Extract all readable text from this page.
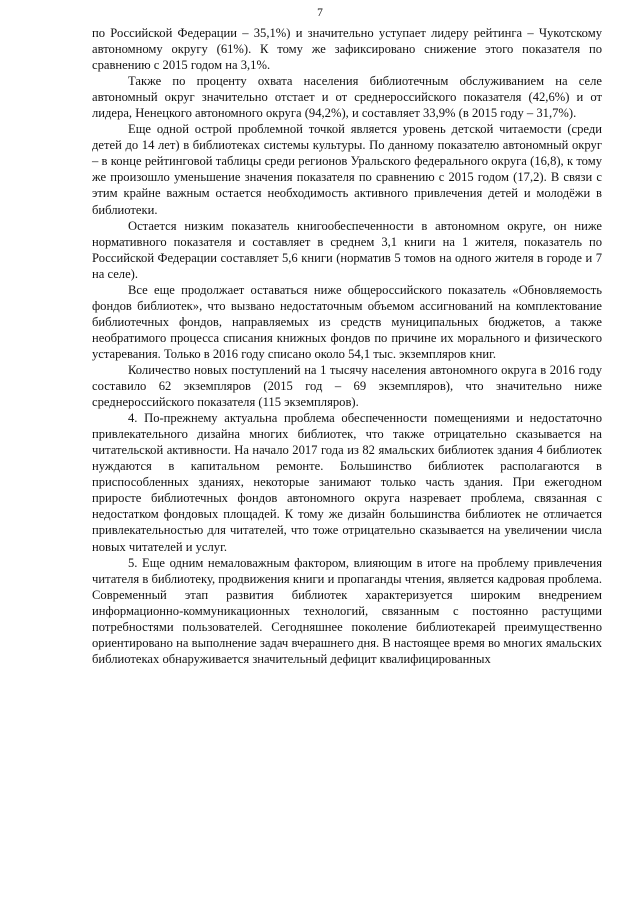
7

по Российской Федерации – 35,1%) и значительно уступает лидеру рейтинга – Чукотскому автономному округу (61%). К тому же зафиксировано снижение этого показателя по сравнению с 2015 годом на 3,1%.

Также по проценту охвата населения библиотечным обслуживанием на селе автономный округ значительно отстает и от среднероссийского показателя (42,6%) и от лидера, Ненецкого автономного округа (94,2%), и составляет 33,9% (в 2015 году – 31,7%).

Еще одной острой проблемной точкой является уровень детской читаемости (среди детей до 14 лет) в библиотеках системы культуры. По данному показателю автономный округ – в конце рейтинговой таблицы среди регионов Уральского федерального округа (16,8), к тому же произошло уменьшение значения показателя по сравнению с 2015 годом (17,2). В связи с этим крайне важным остается необходимость активного привлечения детей и молодёжи в библиотеки.

Остается низким показатель книгообеспеченности в автономном округе, он ниже нормативного показателя и составляет в среднем 3,1 книги на 1 жителя, показатель по Российской Федерации составляет 5,6 книги (норматив 5 томов на одного жителя в городе и 7 на селе).

Все еще продолжает оставаться ниже общероссийского показатель «Обновляемость фондов библиотек», что вызвано недостаточным объемом ассигнований на комплектование библиотечных фондов, направляемых из средств муниципальных бюджетов, а также необратимого процесса списания книжных фондов по причине их морального и физического устаревания. Только в 2016 году списано около 54,1 тыс. экземпляров книг.

Количество новых поступлений на 1 тысячу населения автономного округа в 2016 году составило 62 экземпляров (2015 год – 69 экземпляров), что значительно ниже среднероссийского показателя (115 экземпляров).

4. По-прежнему актуальна проблема обеспеченности помещениями и недостаточно привлекательного дизайна многих библиотек, что также отрицательно сказывается на читательской активности. На начало 2017 года из 82 ямальских библиотек здания 4 библиотек нуждаются в капитальном ремонте. Большинство библиотек располагаются в приспособленных зданиях, некоторые занимают только часть здания. При ежегодном приросте библиотечных фондов автономного округа назревает проблема, связанная с недостатком фондовых площадей. К тому же дизайн большинства библиотек не отличается привлекательностью для читателей, что тоже отрицательно сказывается на увеличении числа новых читателей и услуг.

5. Еще одним немаловажным фактором, влияющим в итоге на проблему привлечения читателя в библиотеку, продвижения книги и пропаганды чтения, является кадровая проблема. Современный этап развития библиотек характеризуется широким внедрением информационно-коммуникационных технологий, связанным с постоянно растущими потребностями пользователей. Сегодняшнее поколение библиотекарей преимущественно ориентировано на выполнение задач вчерашнего дня. В настоящее время во многих ямальских библиотеках обнаруживается значительный дефицит квалифицированных
